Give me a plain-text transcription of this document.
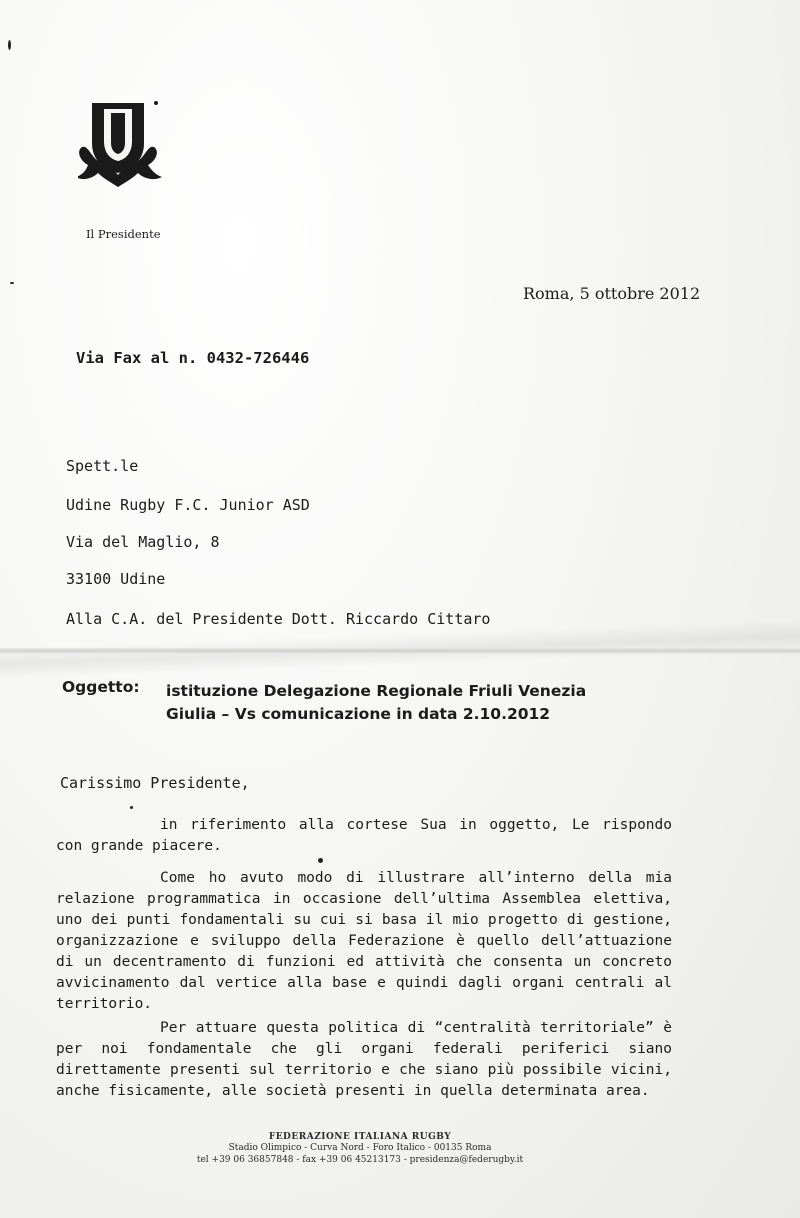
Il Presidente
Roma, 5 ottobre 2012
Via Fax al n. 0432-726446
Spett.le
Udine Rugby F.C. Junior ASD
Via del Maglio, 8
33100 Udine
Alla C.A. del Presidente Dott. Riccardo Cittaro
Oggetto: istituzione Delegazione Regionale Friuli Venezia Giulia – Vs comunicazione in data 2.10.2012
Carissimo Presidente,
in riferimento alla cortese Sua in oggetto, Le rispondo con grande piacere.
Come ho avuto modo di illustrare all’interno della mia relazione programmatica in occasione dell’ultima Assemblea elettiva, uno dei punti fondamentali su cui si basa il mio progetto di gestione, organizzazione e sviluppo della Federazione è quello dell’attuazione di un decentramento di funzioni ed attività che consenta un concreto avvicinamento dal vertice alla base e quindi dagli organi centrali al territorio.
Per attuare questa politica di “centralità territoriale” è per noi fondamentale che gli organi federali periferici siano direttamente presenti sul territorio e che siano più possibile vicini, anche fisicamente, alle società presenti in quella determinata area.
FEDERAZIONE ITALIANA RUGBY
Stadio Olimpico - Curva Nord - Foro Italico - 00135 Roma
tel +39 06 36857848 - fax +39 06 45213173 - presidenza@federugby.it
